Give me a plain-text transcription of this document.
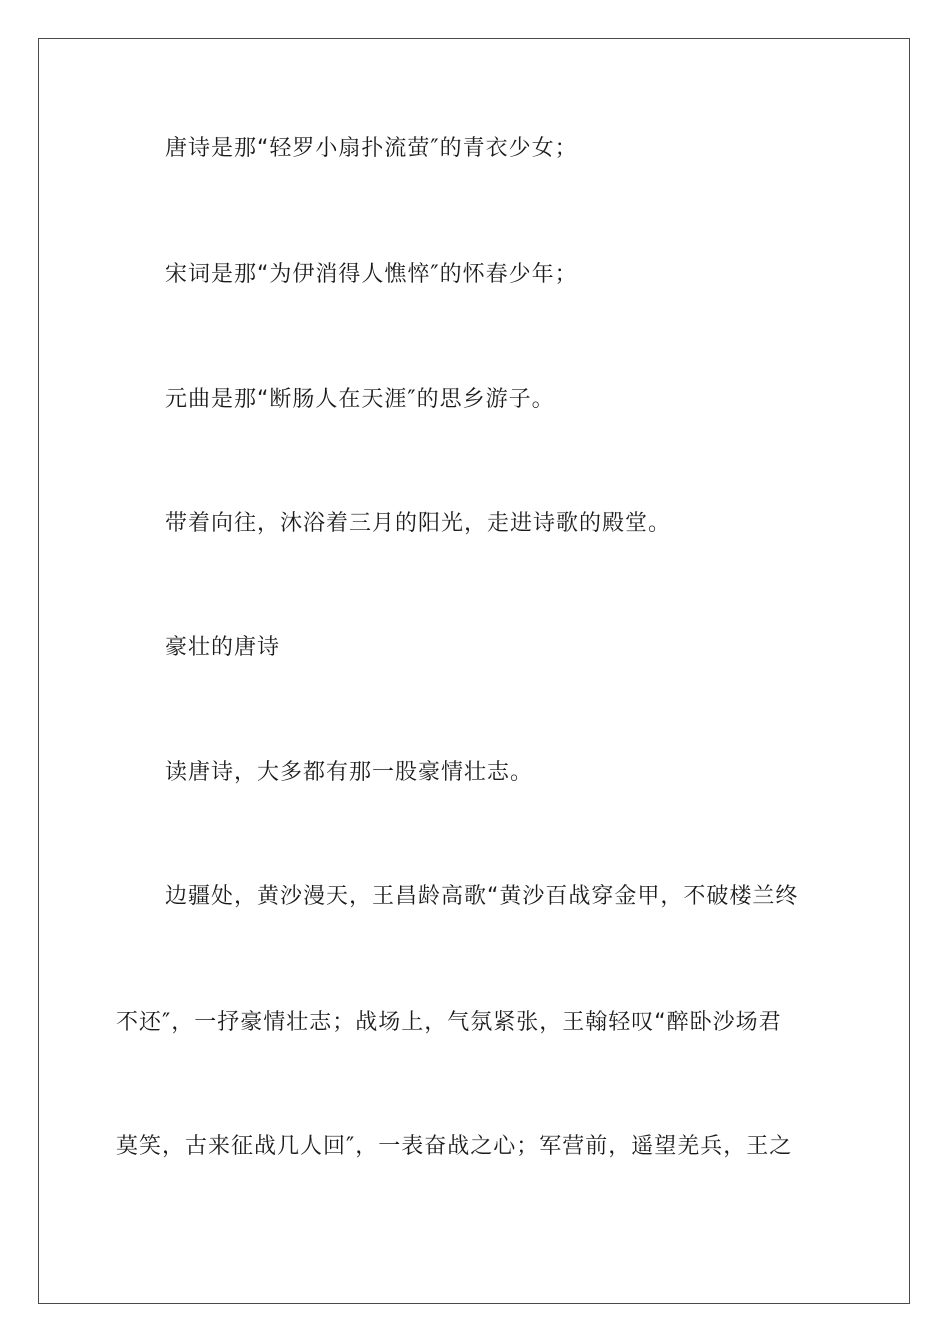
唐诗是那“轻罗小扇扑流萤″的青衣少女；

宋词是那“为伊消得人憔悴″的怀春少年；

元曲是那“断肠人在天涯″的思乡游子。

带着向往，沐浴着三月的阳光，走进诗歌的殿堂。

豪壮的唐诗

读唐诗，大多都有那一股豪情壮志。

边疆处，黄沙漫天，王昌龄高歌“黄沙百战穿金甲，不破楼兰终

不还″，一抒豪情壮志；战场上，气氛紧张，王翰轻叹“醉卧沙场君

莫笑，古来征战几人回″，一表奋战之心；军营前，遥望羌兵，王之
